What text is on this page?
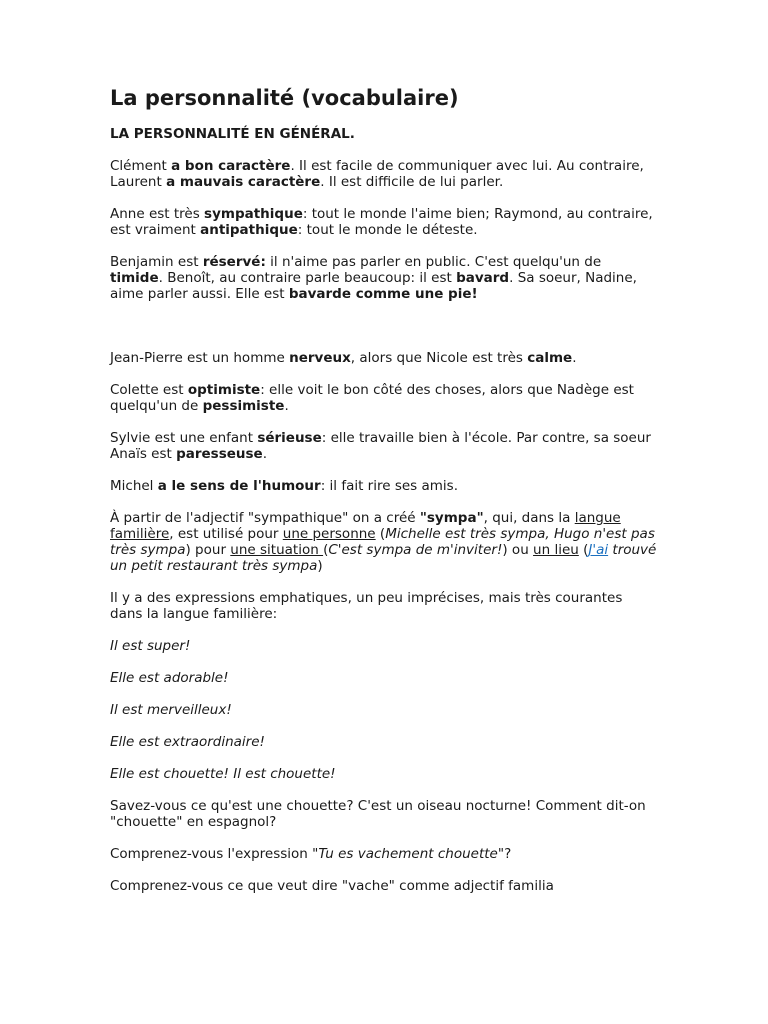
La personnalité (vocabulaire)
LA PERSONNALITÉ EN GÉNÉRAL.

Clément a bon caractère. Il est facile de communiquer avec lui. Au contraire, Laurent a mauvais caractère. Il est difficile de lui parler.

Anne est très sympathique: tout le monde l'aime bien; Raymond, au contraire, est vraiment antipathique: tout le monde le déteste.

Benjamin est réservé: il n'aime pas parler en public. C'est quelqu'un de timide. Benoît, au contraire parle beaucoup: il est bavard. Sa soeur, Nadine, aime parler aussi. Elle est bavarde comme une pie!

Jean-Pierre est un homme nerveux, alors que Nicole est très calme.

Colette est optimiste: elle voit le bon côté des choses, alors que Nadège est quelqu'un de pessimiste.

Sylvie est une enfant sérieuse: elle travaille bien à l'école. Par contre, sa soeur Anaïs est paresseuse.

Michel a le sens de l'humour: il fait rire ses amis.

À partir de l'adjectif "sympathique" on a créé "sympa", qui, dans la langue familière, est utilisé pour une personne (Michelle est très sympa, Hugo n'est pas très sympa) pour une situation (C'est sympa de m'inviter!) ou un lieu (J'ai trouvé un petit restaurant très sympa)

Il y a des expressions emphatiques, un peu imprécises, mais très courantes dans la langue familière:

Il est super!

Elle est adorable!

Il est merveilleux!

Elle est extraordinaire!

Elle est chouette! Il est chouette!

Savez-vous ce qu'est une chouette? C'est un oiseau nocturne! Comment dit-on "chouette" en espagnol?

Comprenez-vous l'expression "Tu es vachement chouette"?

Comprenez-vous ce que veut dire "vache" comme adjectif familia
